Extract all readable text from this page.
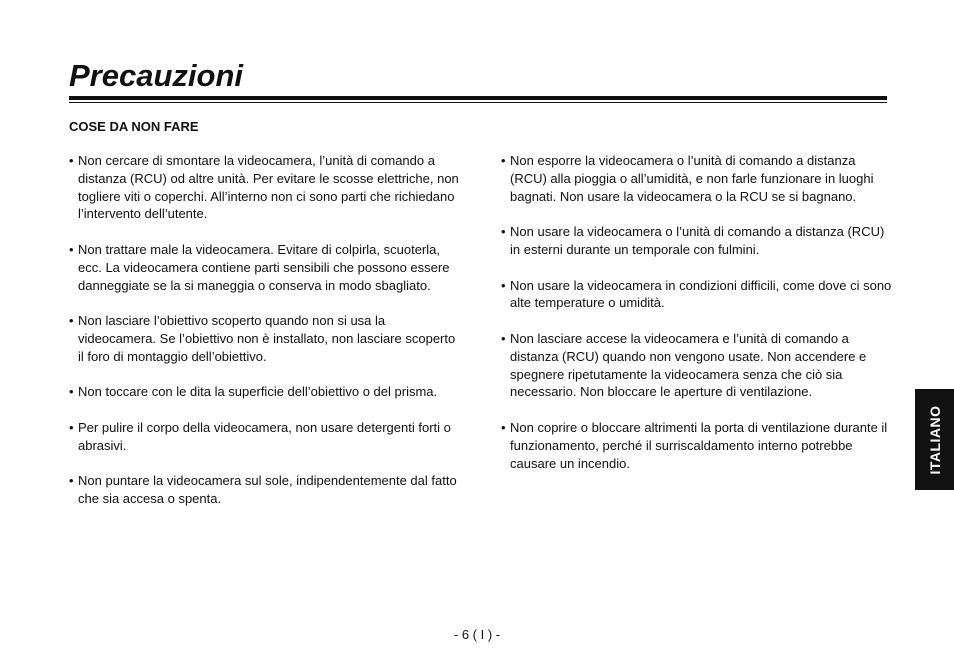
Precauzioni
COSE DA NON FARE
• Non cercare di smontare la videocamera, l’unità di comando a distanza (RCU) od altre unità. Per evitare le scosse elettriche, non togliere viti o coperchi. All’interno non ci sono parti che richiedano l’intervento dell’utente.
• Non trattare male la videocamera. Evitare di colpirla, scuoterla, ecc. La videocamera contiene parti sensibili che possono essere danneggiate se la si maneggia o conserva in modo sbagliato.
• Non lasciare l’obiettivo scoperto quando non si usa la videocamera. Se l’obiettivo non è installato, non lasciare scoperto il foro di montaggio dell’obiettivo.
• Non toccare con le dita la superficie dell’obiettivo o del prisma.
• Per pulire il corpo della videocamera, non usare detergenti forti o abrasivi.
• Non puntare la videocamera sul sole, indipendentemente dal fatto che sia accesa o spenta.
• Non esporre la videocamera o l’unità di comando a distanza (RCU) alla pioggia o all’umidità, e non farle funzionare in luoghi bagnati. Non usare la videocamera o la RCU se si bagnano.
• Non usare la videocamera o l’unità di comando a distanza (RCU) in esterni durante un temporale con fulmini.
• Non usare la videocamera in condizioni difficili, come dove ci sono alte temperature o umidità.
• Non lasciare accese la videocamera e l’unità di comando a distanza (RCU) quando non vengono usate. Non accendere e spegnere ripetutamente la videocamera senza che ciò sia necessario. Non bloccare le aperture di ventilazione.
• Non coprire o bloccare altrimenti la porta di ventilazione durante il funzionamento, perché il surriscaldamento interno potrebbe causare un incendio.	ITALIANO
- 6 ( I ) -
